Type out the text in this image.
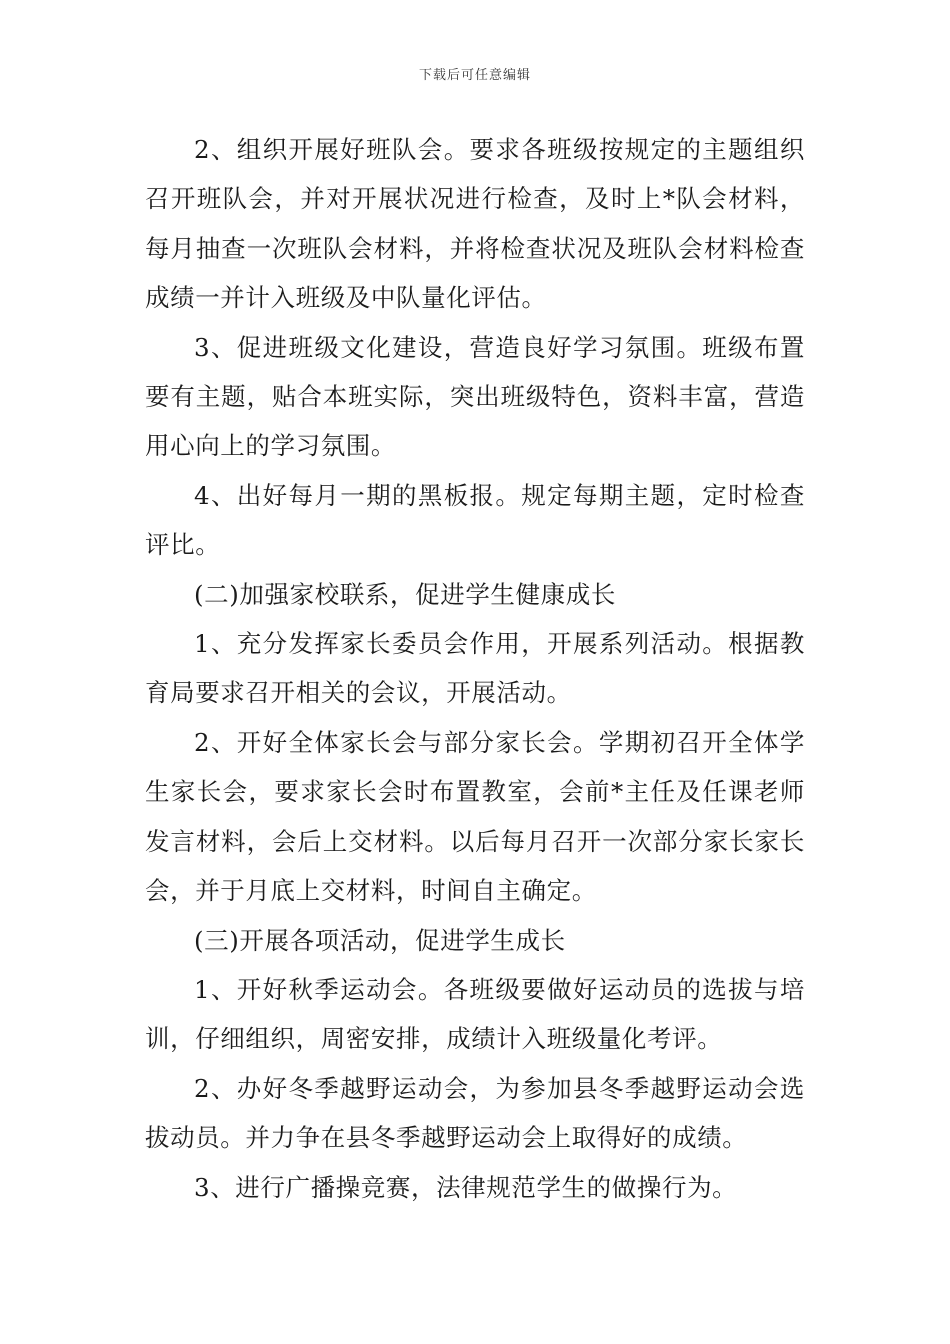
下载后可任意编辑

2、组织开展好班队会。要求各班级按规定的主题组织召开班队会，并对开展状况进行检查，及时上*队会材料，每月抽查一次班队会材料，并将检查状况及班队会材料检查成绩一并计入班级及中队量化评估。

3、促进班级文化建设，营造良好学习氛围。班级布置要有主题，贴合本班实际，突出班级特色，资料丰富，营造用心向上的学习氛围。

4、出好每月一期的黑板报。规定每期主题，定时检查评比。

(二)加强家校联系，促进学生健康成长

1、充分发挥家长委员会作用，开展系列活动。根据教育局要求召开相关的会议，开展活动。

2、开好全体家长会与部分家长会。学期初召开全体学生家长会，要求家长会时布置教室，会前*主任及任课老师发言材料，会后上交材料。以后每月召开一次部分家长家长会，并于月底上交材料，时间自主确定。

(三)开展各项活动，促进学生成长

1、开好秋季运动会。各班级要做好运动员的选拔与培训，仔细组织，周密安排，成绩计入班级量化考评。

2、办好冬季越野运动会，为参加县冬季越野运动会选拔动员。并力争在县冬季越野运动会上取得好的成绩。

3、进行广播操竞赛，法律规范学生的做操行为。
